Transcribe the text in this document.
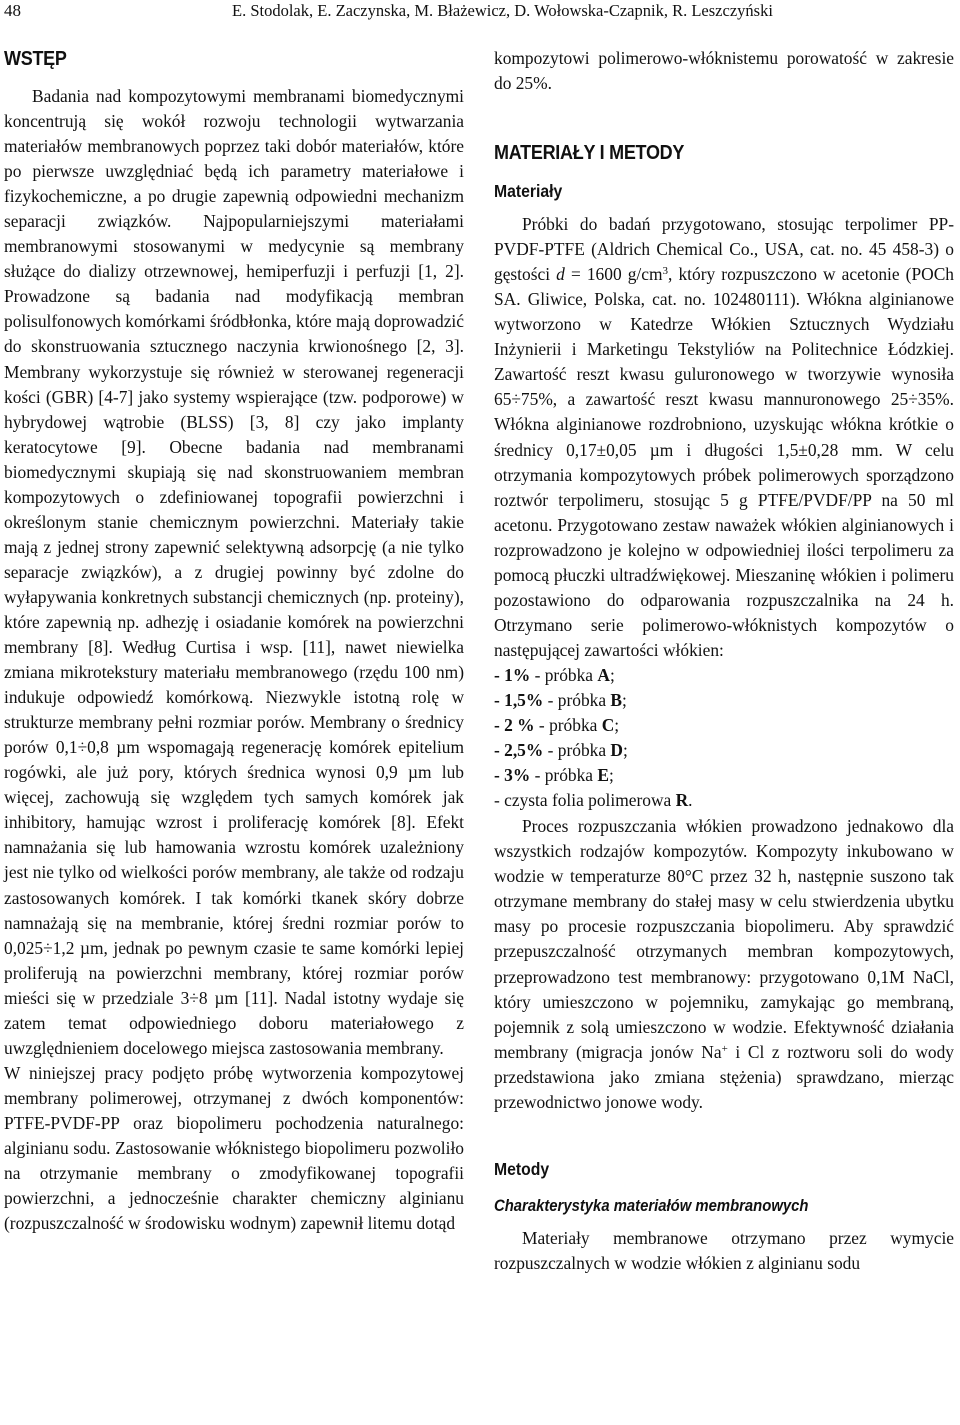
48	E. Stodolak, E. Zaczynska, M. Błażewicz, D. Wołowska-Czapnik, R. Leszczyński
WSTĘP

Badania nad kompozytowymi membranami biomedycznymi koncentrują się wokół rozwoju technologii wytwarzania materiałów membranowych poprzez taki dobór materiałów, które po pierwsze uwzględniać będą ich parametry materiałowe i fizykochemiczne, a po drugie zapewnią odpowiedni mechanizm separacji związków. Najpopularniejszymi materiałami membranowymi stosowanymi w medycynie są membrany służące do dializy otrzewnowej, hemiperfuzji i perfuzji [1, 2]. Prowadzone są badania nad modyfikacją membran polisulfonowych komórkami śródbłonka, które mają doprowadzić do skonstruowania sztucznego naczynia krwionośnego [2, 3]. Membrany wykorzystuje się również w sterowanej regeneracji kości (GBR) [4-7] jako systemy wspierające (tzw. podporowe) w hybrydowej wątrobie (BLSS) [3, 8] czy jako implanty keratocytowe [9]. Obecne badania nad membranami biomedycznymi skupiają się nad skonstruowaniem membran kompozytowych o zdefiniowanej topografii powierzchni i określonym stanie chemicznym powierzchni. Materiały takie mają z jednej strony zapewnić selektywną adsorpcję (a nie tylko separacje związków), a z drugiej powinny być zdolne do wyłapywania konkretnych substancji chemicznych (np. proteiny), które zapewnią np. adhezję i osiadanie komórek na powierzchni membrany [8]. Według Curtisa i wsp. [11], nawet niewielka zmiana mikrotekstury materiału membranowego (rzędu 100 nm) indukuje odpowiedź komórkową. Niezwykle istotną rolę w strukturze membrany pełni rozmiar porów. Membrany o średnicy porów 0,1÷0,8 µm wspomagają regenerację komórek epitelium rogówki, ale już pory, których średnica wynosi 0,9 µm lub więcej, zachowują się względem tych samych komórek jak inhibitory, hamując wzrost i proliferację komórek [8]. Efekt namnażania się lub hamowania wzrostu komórek uzależniony jest nie tylko od wielkości porów membrany, ale także od rodzaju zastosowanych komórek. I tak komórki tkanek skóry dobrze namnażają się na membranie, której średni rozmiar porów to 0,025÷1,2 µm, jednak po pewnym czasie te same komórki lepiej proliferują na powierzchni membrany, której rozmiar porów mieści się w przedziale 3÷8 µm [11]. Nadal istotny wydaje się zatem temat odpowiedniego doboru materiałowego z uwzględnieniem docelowego miejsca zastosowania membrany.

W niniejszej pracy podjęto próbę wytworzenia kompozytowej membrany polimerowej, otrzymanej z dwóch komponentów: PTFE-PVDF-PP oraz biopolimeru pochodzenia naturalnego: alginianu sodu. Zastosowanie włóknistego biopolimeru pozwoliło na otrzymanie membrany o zmodyfikowanej topografii powierzchni, a jednocześnie charakter chemiczny alginianu (rozpuszczalność w środowisku wodnym) zapewnił litemu dotąd

kompozytowi polimerowo-włóknistemu porowatość w zakresie do 25%.

MATERIAŁY I METODY
Materiały

Próbki do badań przygotowano, stosując terpolimer PP-PVDF-PTFE (Aldrich Chemical Co., USA, cat. no. 45 458-3) o gęstości d = 1600 $g/cm^3$, który rozpuszczono w acetonie (POCh SA. Gliwice, Polska, cat. no. 102480111). Włókna alginianowe wytworzono w Katedrze Włókien Sztucznych Wydziału Inżynierii i Marketingu Tekstyliów na Politechnice Łódzkiej. Zawartość reszt kwasu guluronowego w tworzywie wynosiła 65÷75%, a zawartość reszt kwasu mannuronowego 25÷35%. Włókna alginianowe rozdrobniono, uzyskując włókna krótkie o średnicy 0,17±0,05 µm i długości 1,5±0,28 mm. W celu otrzymania kompozytowych próbek polimerowych sporządzono roztwór terpolimeru, stosując 5 g PTFE/PVDF/PP na 50 ml acetonu. Przygotowano zestaw naważek włókien alginianowych i rozprowadzono je kolejno w odpowiedniej ilości terpolimeru za pomocą płuczki ultradźwiękowej. Mieszaninę włókien i polimeru pozostawiono do odparowania rozpuszczalnika na 24 h. Otrzymano serie polimerowo-włóknistych kompozytów o następującej zawartości włókien:

- 1% - próbka A;
- 1,5% - próbka B;
- 2 % - próbka C;
- 2,5% - próbka D;
- 3% - próbka E;
- czysta folia polimerowa R.

Proces rozpuszczania włókien prowadzono jednakowo dla wszystkich rodzajów kompozytów. Kompozyty inkubowano w wodzie w temperaturze 80°C przez 32 h, następnie suszono tak otrzymane membrany do stałej masy w celu stwierdzenia ubytku masy po procesie rozpuszczania biopolimeru. Aby sprawdzić przepuszczalność otrzymanych membran kompozytowych, przeprowadzono test membranowy: przygotowano 0,1M NaCl, który umieszczono w pojemniku, zamykając go membraną, pojemnik z solą umieszczono w wodzie. Efektywność działania membrany (migracja jonów Na+ i Cl z roztworu soli do wody przedstawiona jako zmiana stężenia) sprawdzano, mierząc przewodnictwo jonowe wody.

Metody
Charakterystyka materiałów membranowych

Materiały membranowe otrzymano przez wymycie rozpuszczalnych w wodzie włókien z alginianu sodu
